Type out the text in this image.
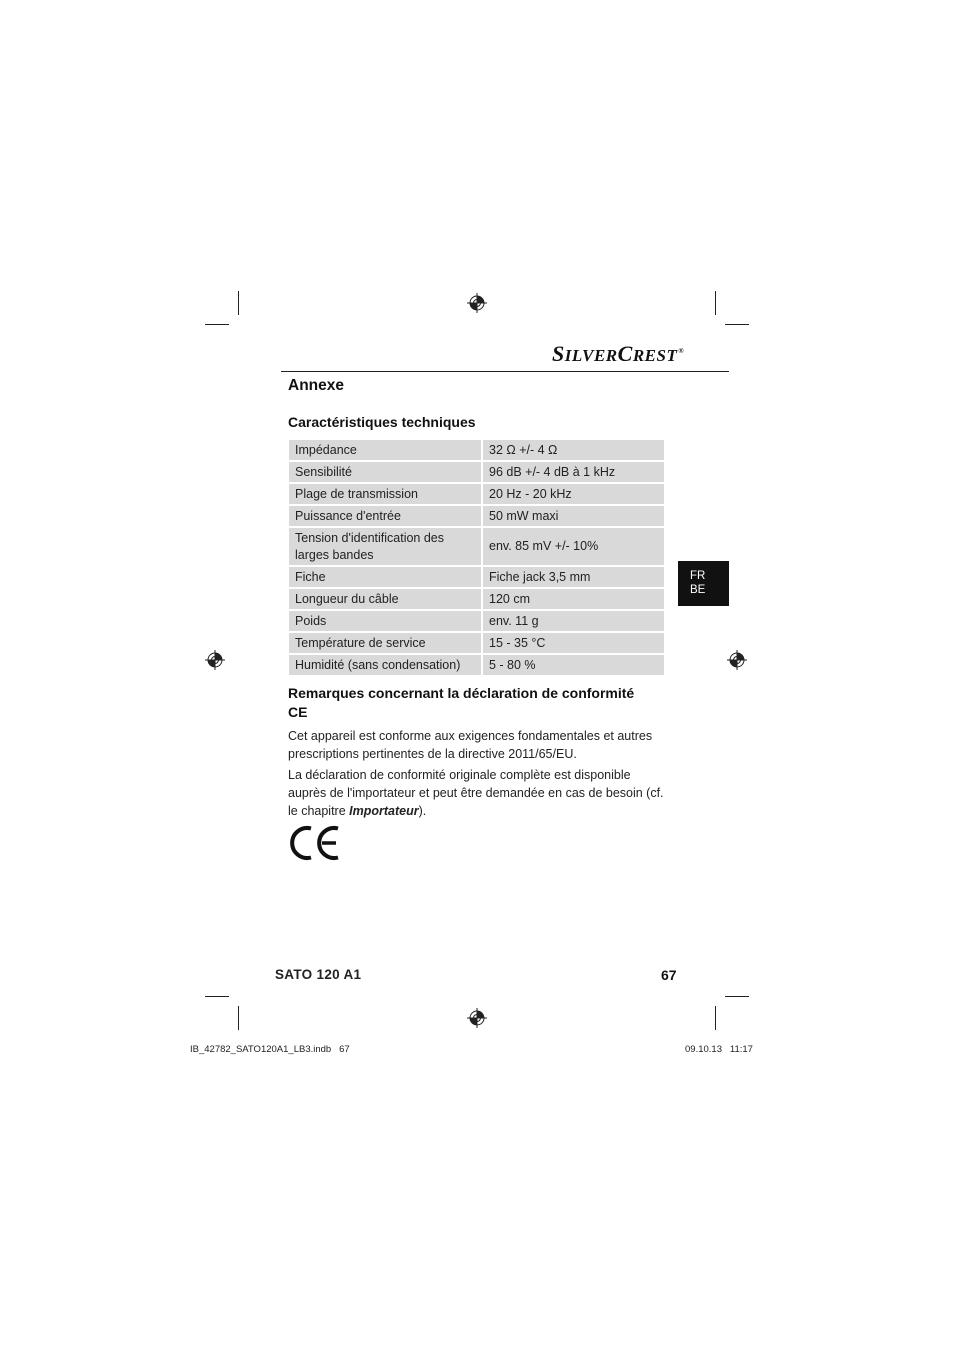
SILVERCREST®
Annexe
Caractéristiques techniques
Impédance	32 Ω +/- 4 Ω
Sensibilité	96 dB +/- 4 dB à 1 kHz
Plage de transmission	20 Hz - 20 kHz
Puissance d'entrée	50 mW maxi
Tension d'identification des larges bandes	env. 85 mV +/- 10%
Fiche	Fiche jack 3,5 mm
Longueur du câble	120 cm
Poids	env. 11 g
Température de service	15 - 35 °C
Humidité (sans condensation)	5 - 80 %
FR
BE
Remarques concernant la déclaration de conformité CE
Cet appareil est conforme aux exigences fondamentales et autres prescriptions pertinentes de la directive 2011/65/EU.
La déclaration de conformité originale complète est disponible auprès de l'importateur et peut être demandée en cas de besoin (cf. le chapitre Importateur).
SATO 120 A1	67
IB_42782_SATO120A1_LB3.indb   67	09.10.13   11:17
